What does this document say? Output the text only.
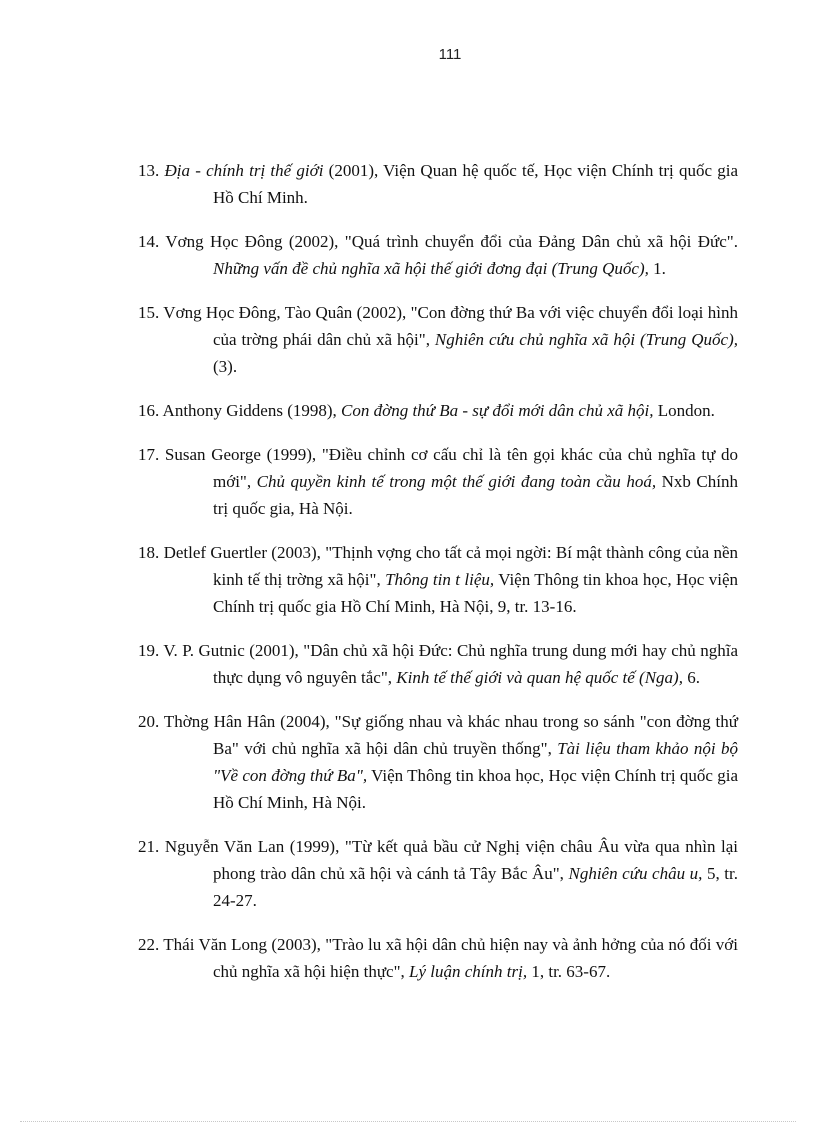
111

13. Địa - chính trị thế giới (2001), Viện Quan hệ quốc tế, Học viện Chính trị quốc gia Hồ Chí Minh.

14. Vơng Học Đông (2002), "Quá trình chuyển đổi của Đảng Dân chủ xã hội Đức". Những vấn đề chủ nghĩa xã hội thế giới đơng đại (Trung Quốc), 1.

15. Vơng Học Đông, Tào Quân (2002), "Con đờng thứ Ba với việc chuyển đổi loại hình của trờng phái dân chủ xã hội", Nghiên cứu chủ nghĩa xã hội (Trung Quốc), (3).

16. Anthony Giddens (1998), Con đờng thứ Ba - sự đổi mới dân chủ xã hội, London.

17. Susan George (1999), "Điều chỉnh cơ cấu chỉ là tên gọi khác của chủ nghĩa tự do mới", Chủ quyền kinh tế trong một thế giới đang toàn cầu hoá, Nxb Chính trị quốc gia, Hà Nội.

18. Detlef Guertler (2003), "Thịnh vợng cho tất cả mọi ngời: Bí mật thành công của nền kinh tế thị trờng xã hội", Thông tin t liệu, Viện Thông tin khoa học, Học viện Chính trị quốc gia Hồ Chí Minh, Hà Nội, 9, tr. 13-16.

19. V. P. Gutnic (2001), "Dân chủ xã hội Đức: Chủ nghĩa trung dung mới hay chủ nghĩa thực dụng vô nguyên tắc", Kinh tế thế giới và quan hệ quốc tế (Nga), 6.

20. Thờng Hân Hân (2004), "Sự giống nhau và khác nhau trong so sánh "con đờng thứ Ba" với chủ nghĩa xã hội dân chủ truyền thống", Tài liệu tham khảo nội bộ "Về con đờng thứ Ba", Viện Thông tin khoa học, Học viện Chính trị quốc gia Hồ Chí Minh, Hà Nội.

21. Nguyễn Văn Lan (1999), "Từ kết quả bầu cử Nghị viện châu Âu vừa qua nhìn lại phong trào dân chủ xã hội và cánh tả Tây Bắc Âu", Nghiên cứu châu u, 5, tr. 24-27.

22. Thái Văn Long (2003), "Trào lu xã hội dân chủ hiện nay và ảnh hởng của nó đối với chủ nghĩa xã hội hiện thực", Lý luận chính trị, 1, tr. 63-67.
